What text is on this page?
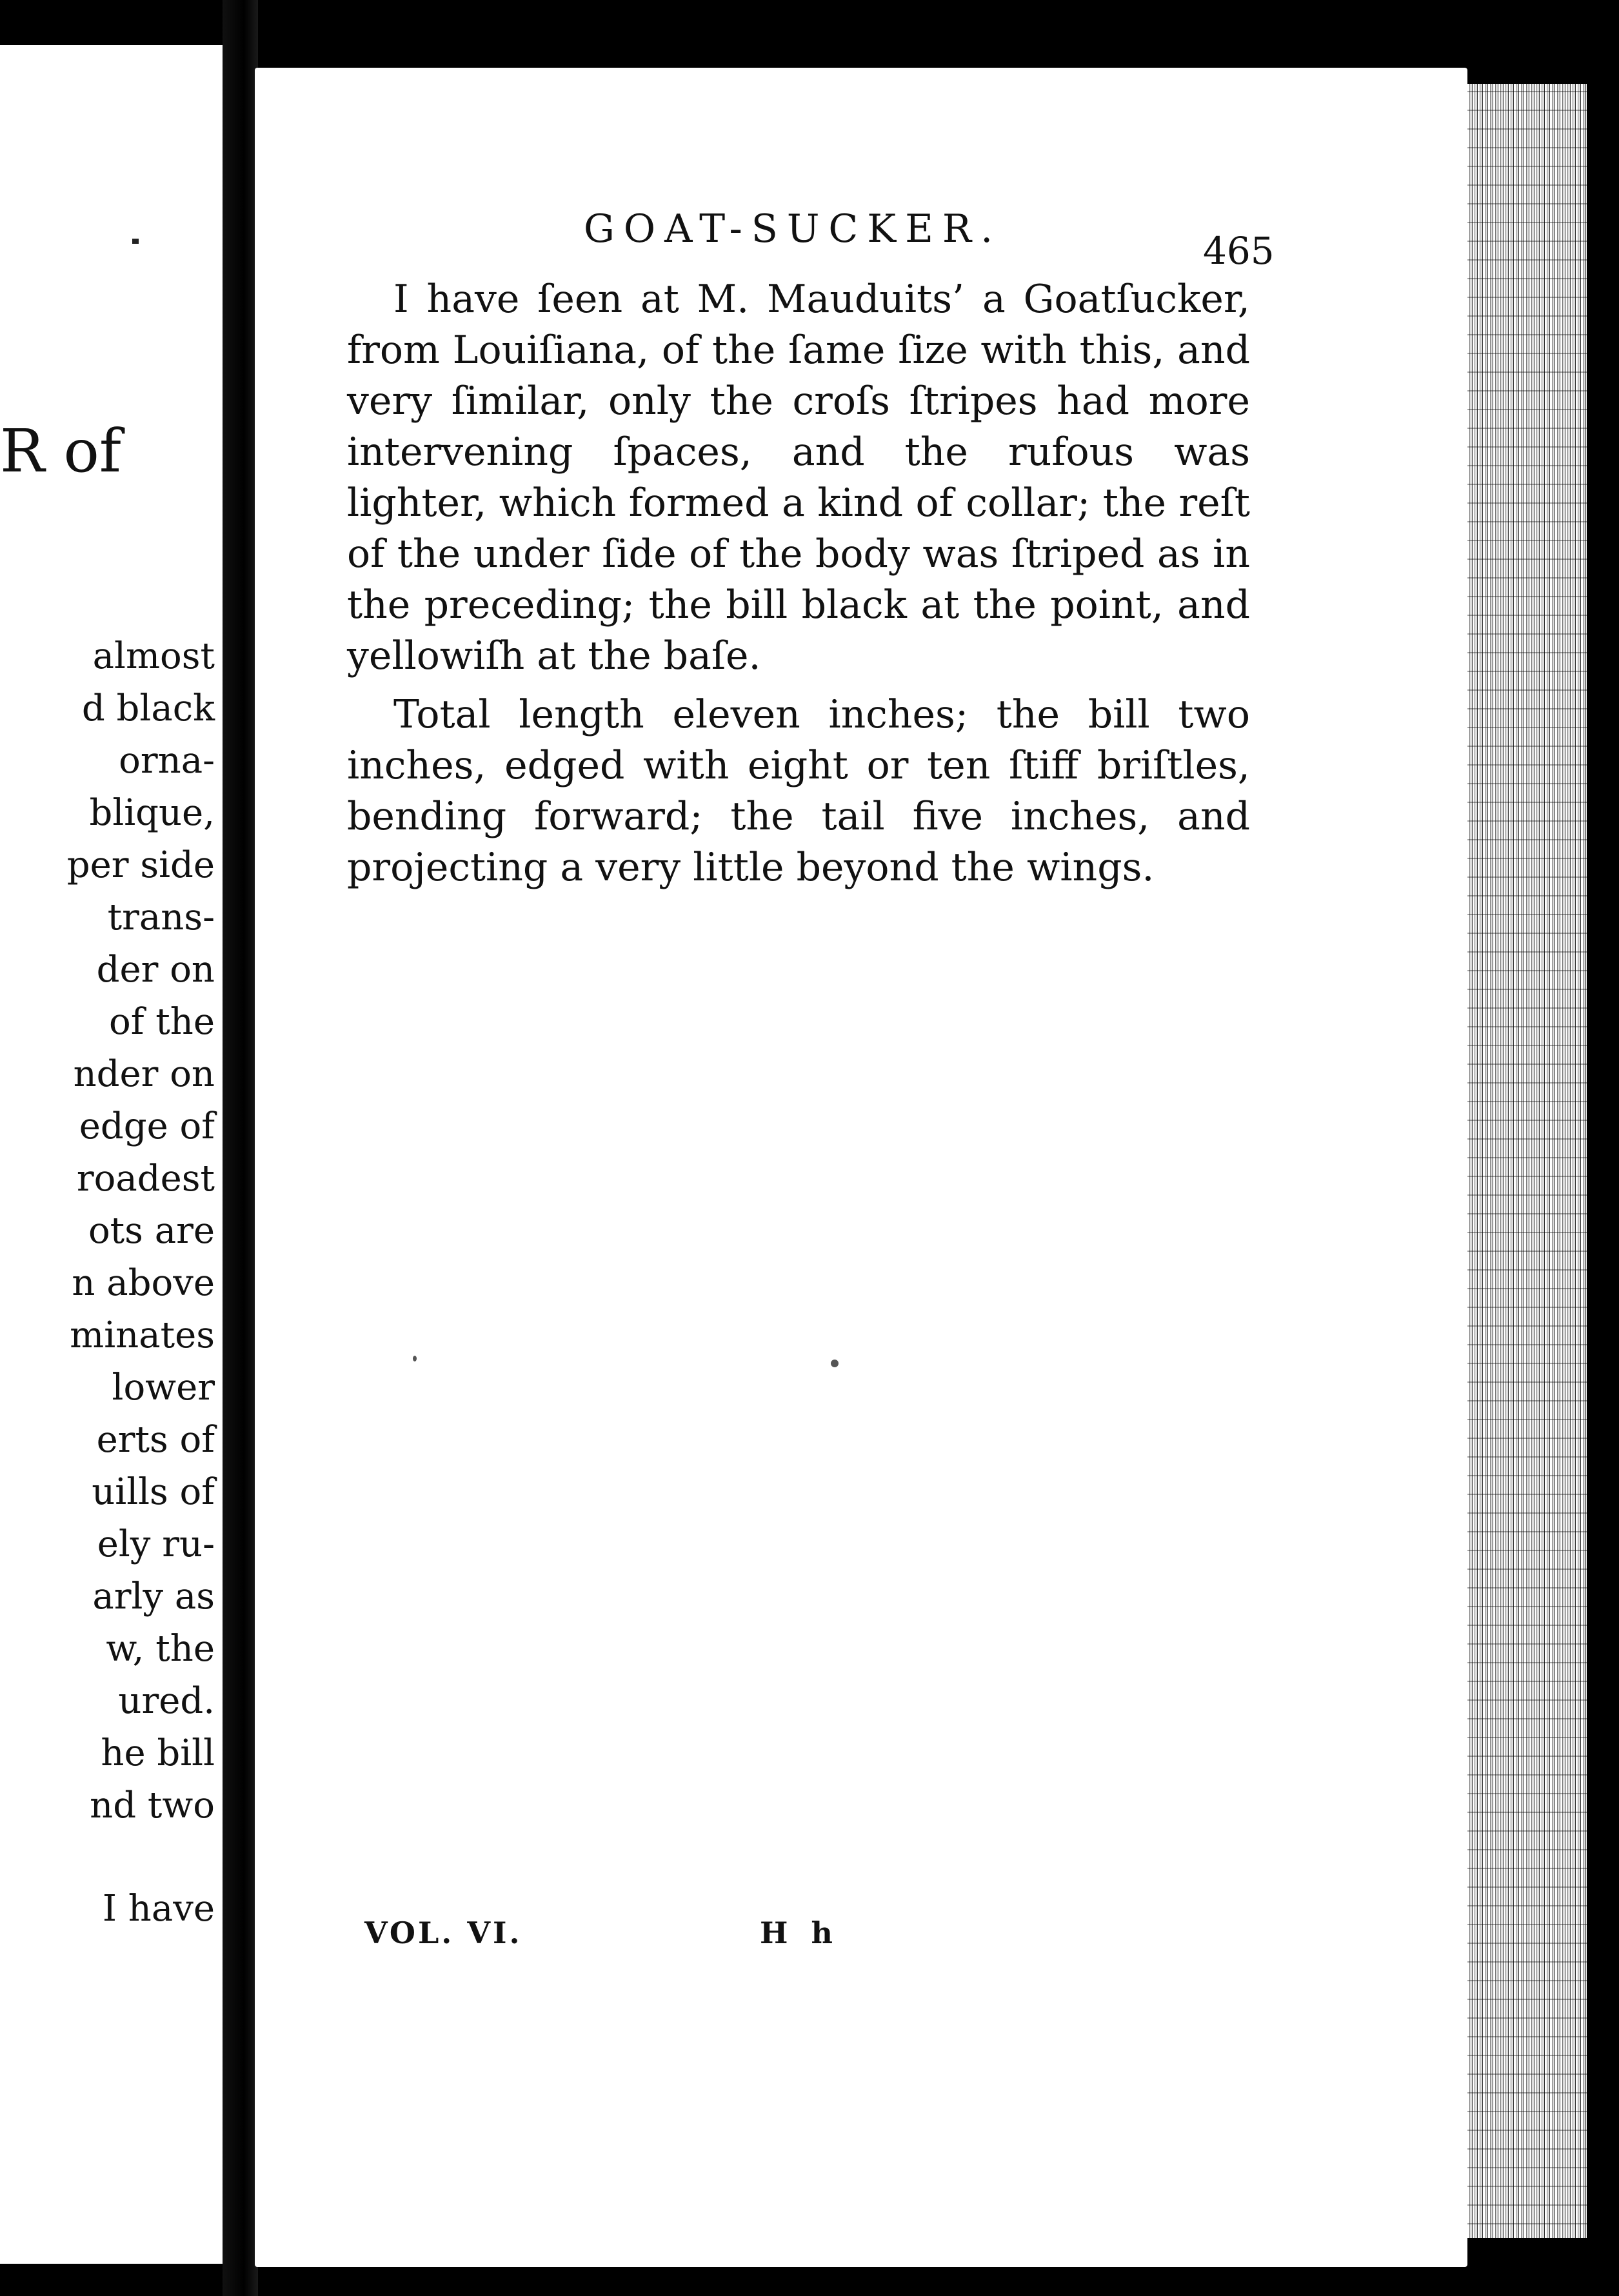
R of
almost
d black
orna-
blique,
per side
trans-
der on
of the
nder on
edge of
roadest
ots are
n above
minates
lower
erts of
uills of
ely ru-
arly as
w, the
ured.
he bill
nd two
I have
GOAT-SUCKER.	465

I have ſeen at M. Mauduits’ a Goatſucker, from Louiſiana, of the ſame ſize with this, and very ſimilar, only the croſs ſtripes had more intervening ſpaces, and the rufous was lighter, which formed a kind of collar; the reſt of the under ſide of the body was ſtriped as in the preceding; the bill black at the point, and yellowiſh at the baſe.

Total length eleven inches; the bill two inches, edged with eight or ten ſtiff briſtles, bending forward; the tail five inches, and projecting a very little beyond the wings.

VOL. VI.	H h
